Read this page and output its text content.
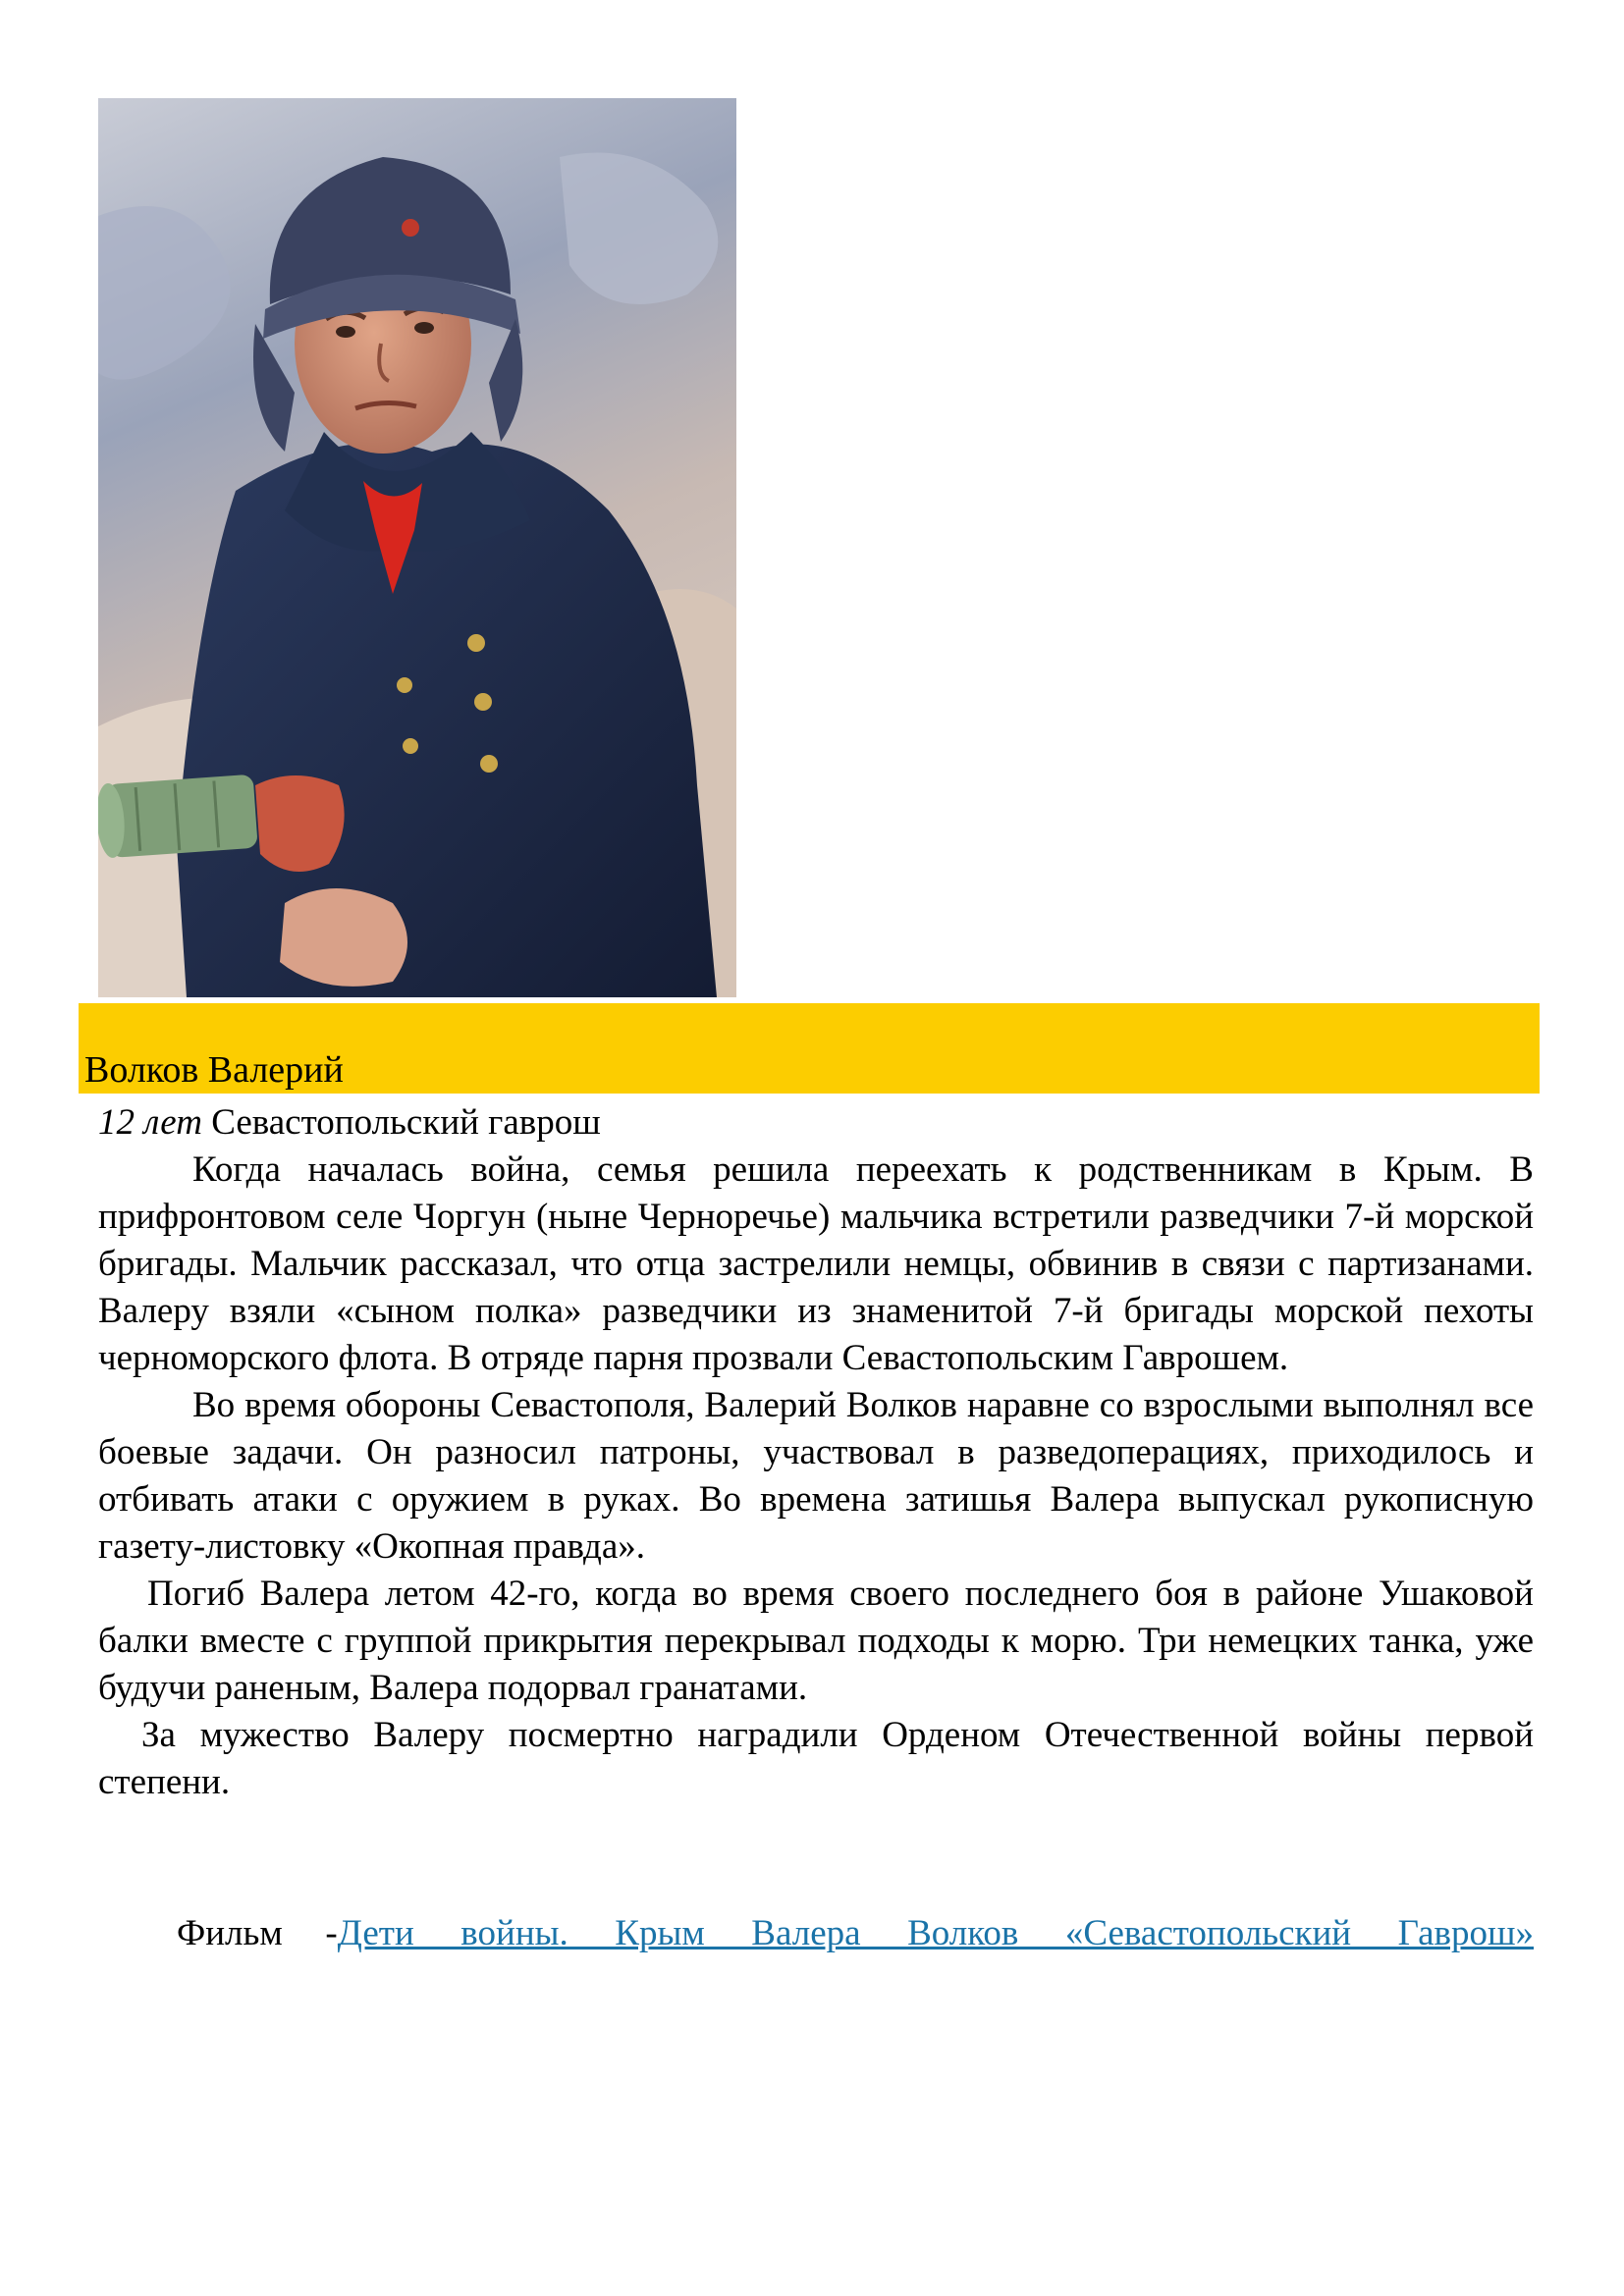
Волков Валерий

12 лет Севастопольский гаврош

Когда началась война, семья решила переехать к родственникам в Крым. В прифронтовом селе Чоргун (ныне Черноречье) мальчика встретили разведчики 7-й морской бригады. Мальчик рассказал, что отца застрелили немцы, обвинив в связи с партизанами. Валеру взяли «сыном полка» разведчики из знаменитой 7-й бригады морской пехоты черноморского флота. В отряде парня прозвали Севастопольским Гаврошем.

Во время обороны Севастополя, Валерий Волков наравне со взрослыми выполнял все боевые задачи. Он разносил патроны, участвовал в разведоперациях, приходилось и отбивать атаки с оружием в руках. Во времена затишья Валера выпускал рукописную газету-листовку «Окопная правда».

Погиб Валера летом 42-го, когда во время своего последнего боя в районе Ушаковой балки вместе с группой прикрытия перекрывал подходы к морю. Три немецких танка, уже будучи раненым, Валера подорвал гранатами.

За мужество Валеру посмертно наградили Орденом Отечественной войны первой степени.

Фильм -Дети войны. Крым Валера Волков «Севастопольский Гаврош»
